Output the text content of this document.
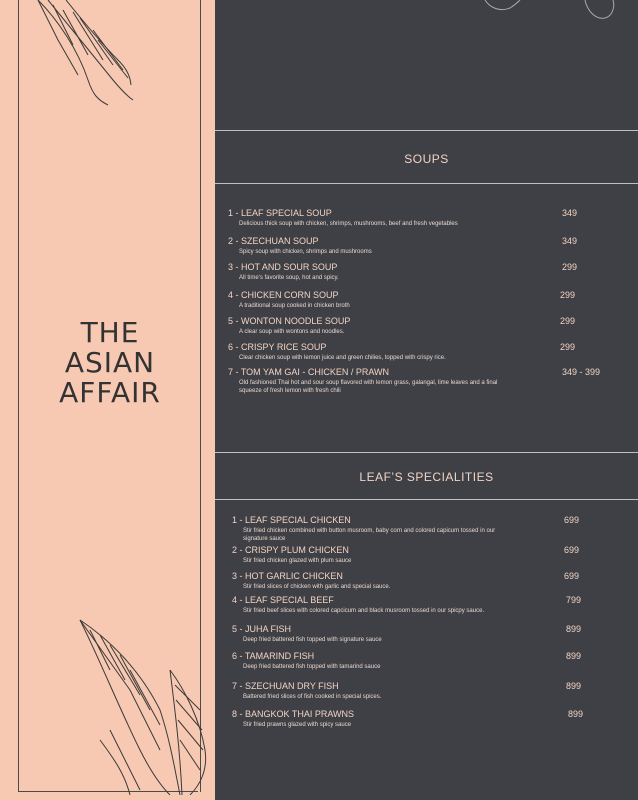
THE
ASIAN
AFFAIR
SOUPS
1 - LEAF SPECIAL SOUP
Delicious thick soup with chicken, shrimps, mushrooms, beef and fresh vegetables
349
2 - SZECHUAN SOUP
Spicy soup with chicken, shrimps and mushrooms
349
3 - HOT AND SOUR SOUP
All time's favorite soup, hot and spicy.
299
4 - CHICKEN CORN SOUP
A traditional soup cooked in chicken broth
299
5 - WONTON NOODLE SOUP
A clear soup with wontons and noodles.
299
6 - CRISPY RICE SOUP
Clear chicken soup with lemon juice and green chilies, topped with crispy rice.
299
7 - TOM YAM GAI - CHICKEN / PRAWN
Old fashioned Thai hot and sour soup flavored with lemon grass, galangal, lime leaves and a final squeeze of fresh lemon with fresh chili
349 - 399
LEAF’S SPECIALITIES
1 - LEAF SPECIAL CHICKEN
Stir fried chicken combined with button musroom, baby corn and colored capicum tossed in our signature sauce
699
2 - CRISPY PLUM CHICKEN
Stir fried chicken glazed with plum sauce
699
3 - HOT GARLIC CHICKEN
Stir fried slices of chicken with garlic and special sauce.
699
4 - LEAF SPECIAL BEEF
Stir fried beef slices with colored capcicum and black musroom tossed in our spicpy sauce.
799
5 - JUHA FISH
Deep fried battered fish topped with signature sauce
899
6 - TAMARIND FISH
Deep fried battered fish topped with tamarind sauce
899
7 - SZECHUAN DRY FISH
Battered fried slices of fish cooked in special spices.
899
8 - BANGKOK THAI PRAWNS
Stir fried prawns glazed with spicy sauce
899
